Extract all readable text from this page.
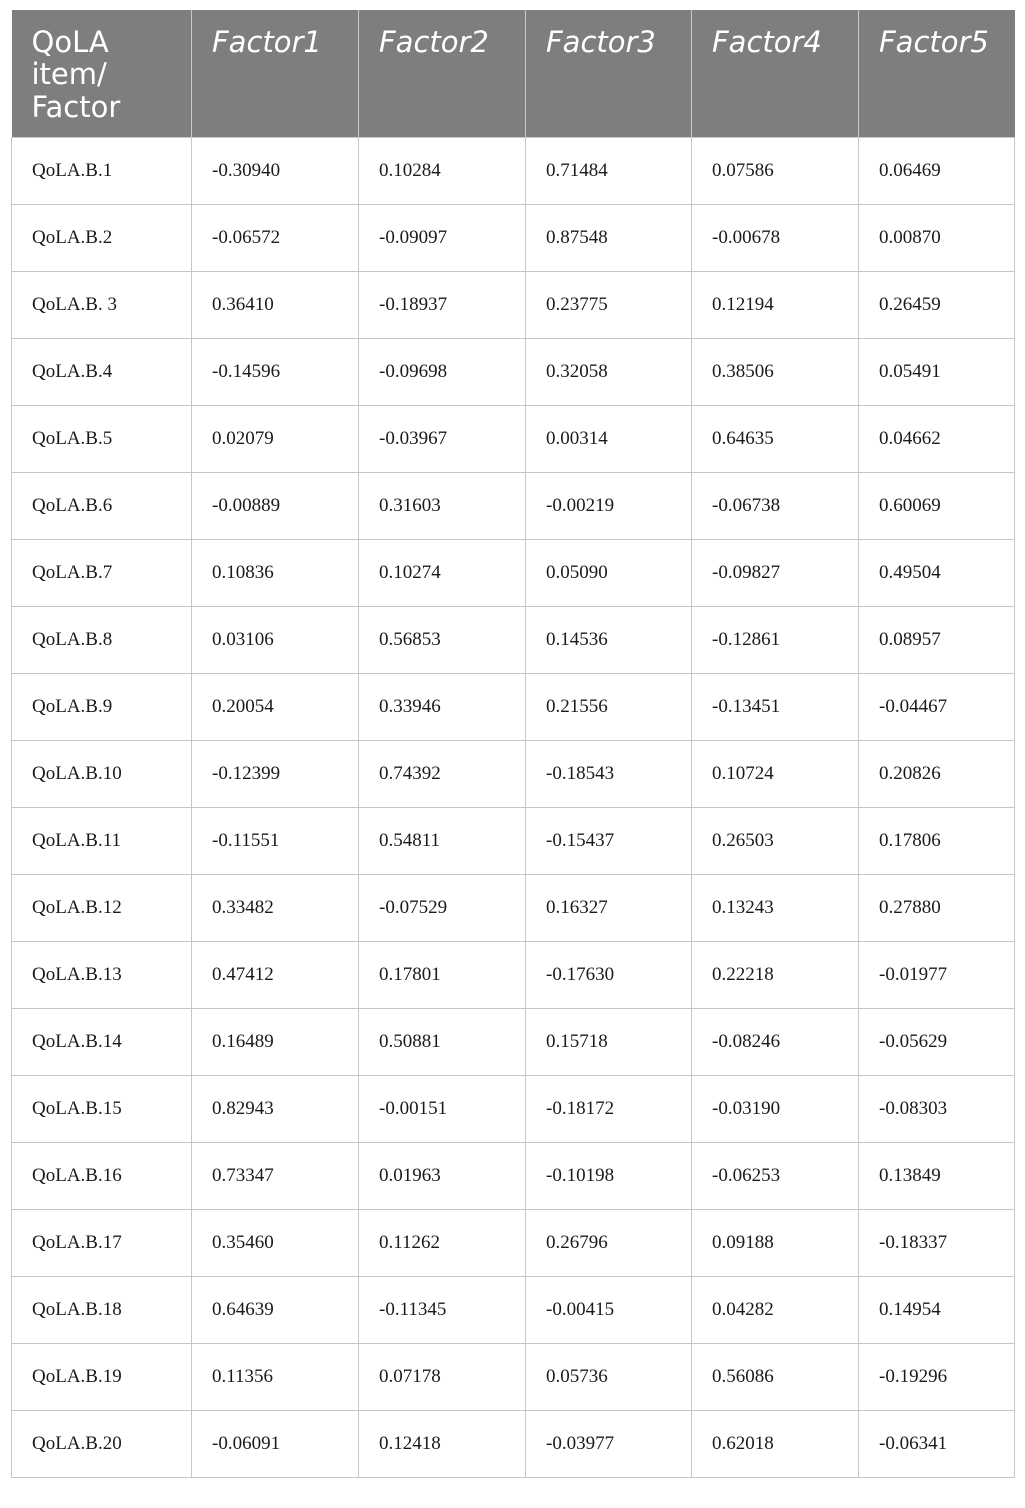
QoLA item/ Factor	Factor1	Factor2	Factor3	Factor4	Factor5
QoLA.B.1	-0.30940	0.10284	0.71484	0.07586	0.06469
QoLA.B.2	-0.06572	-0.09097	0.87548	-0.00678	0.00870
QoLA.B. 3	0.36410	-0.18937	0.23775	0.12194	0.26459
QoLA.B.4	-0.14596	-0.09698	0.32058	0.38506	0.05491
QoLA.B.5	0.02079	-0.03967	0.00314	0.64635	0.04662
QoLA.B.6	-0.00889	0.31603	-0.00219	-0.06738	0.60069
QoLA.B.7	0.10836	0.10274	0.05090	-0.09827	0.49504
QoLA.B.8	0.03106	0.56853	0.14536	-0.12861	0.08957
QoLA.B.9	0.20054	0.33946	0.21556	-0.13451	-0.04467
QoLA.B.10	-0.12399	0.74392	-0.18543	0.10724	0.20826
QoLA.B.11	-0.11551	0.54811	-0.15437	0.26503	0.17806
QoLA.B.12	0.33482	-0.07529	0.16327	0.13243	0.27880
QoLA.B.13	0.47412	0.17801	-0.17630	0.22218	-0.01977
QoLA.B.14	0.16489	0.50881	0.15718	-0.08246	-0.05629
QoLA.B.15	0.82943	-0.00151	-0.18172	-0.03190	-0.08303
QoLA.B.16	0.73347	0.01963	-0.10198	-0.06253	0.13849
QoLA.B.17	0.35460	0.11262	0.26796	0.09188	-0.18337
QoLA.B.18	0.64639	-0.11345	-0.00415	0.04282	0.14954
QoLA.B.19	0.11356	0.07178	0.05736	0.56086	-0.19296
QoLA.B.20	-0.06091	0.12418	-0.03977	0.62018	-0.06341
